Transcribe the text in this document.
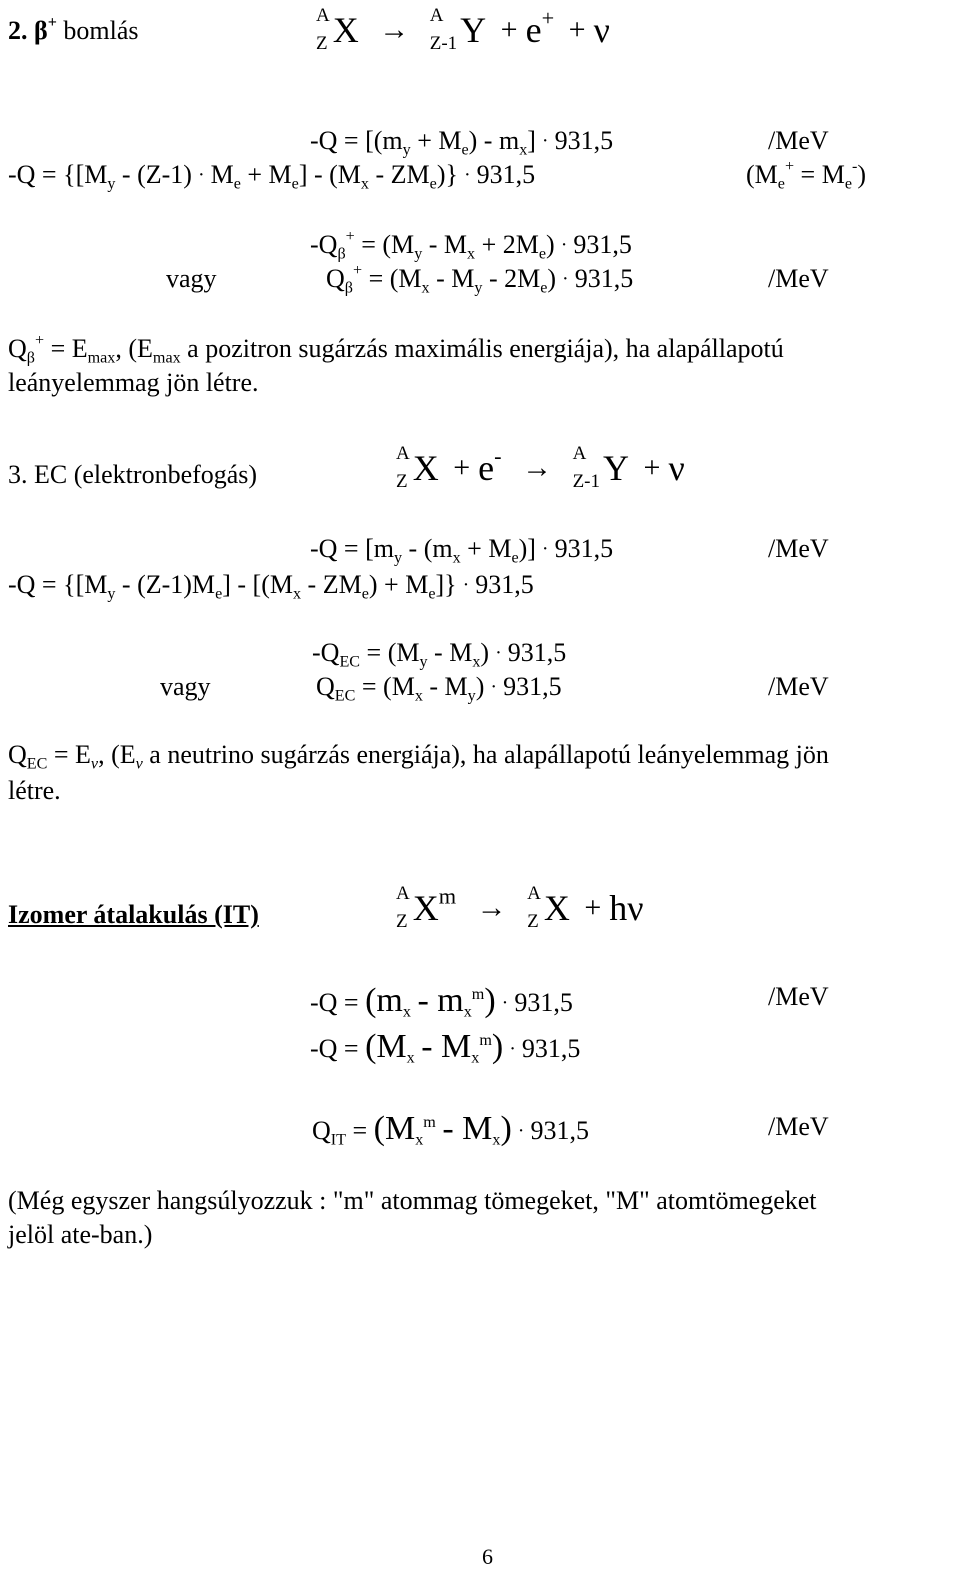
2. β+ bomlás
A
Z X → A
Z-1 Y + e+ + ν
$-Q = [(m_y + M_e) - m_x] \cdot 931,5$	/MeV
$-Q = \{[M_y - (Z-1) \cdot M_e + M_e] - (M_x - ZM_e)\} \cdot 931,5$	$(M_e^+ = M_e^-)$
$-Q_\beta^+ = (M_y - M_x + 2M_e) \cdot 931,5$
vagy	$Q_\beta^+ = (M_x - M_y - 2M_e) \cdot 931,5$	/MeV
$Q_\beta^+ = E_{max}$, ($E_{max}$ a pozitron sugárzás maximális energiája), ha alapállapotú
leányelemmag jön létre.
3. EC (elektronbefogás)
A
Z X + e- → A
Z-1 Y + ν
$-Q = [m_y - (m_x + M_e)] \cdot 931,5$	/MeV
$-Q = \{[M_y - (Z-1)M_e] - [(M_x - ZM_e) + M_e]\} \cdot 931,5$
$-Q_{EC} = (M_y - M_x) \cdot 931,5$
vagy	$Q_{EC} = (M_x - M_y) \cdot 931,5$	/MeV
$Q_{EC} = E_\nu$, ($E_\nu$ a neutrino sugárzás energiája), ha alapállapotú leányelemmag jön
létre.
Izomer átalakulás (IT)
A
Z $X^m \to A$
Z X + hν
$-Q = (m_x - m_x^m) \cdot 931,5$	/MeV
$-Q = (M_x - M_x^m) \cdot 931,5$
$Q_{IT} = (M_x^m - M_x) \cdot 931,5$	/MeV
(Még egyszer hangsúlyozzuk : "m" atommag tömegeket, "M" atomtömegeket
jelöl ate-ban.)
6
